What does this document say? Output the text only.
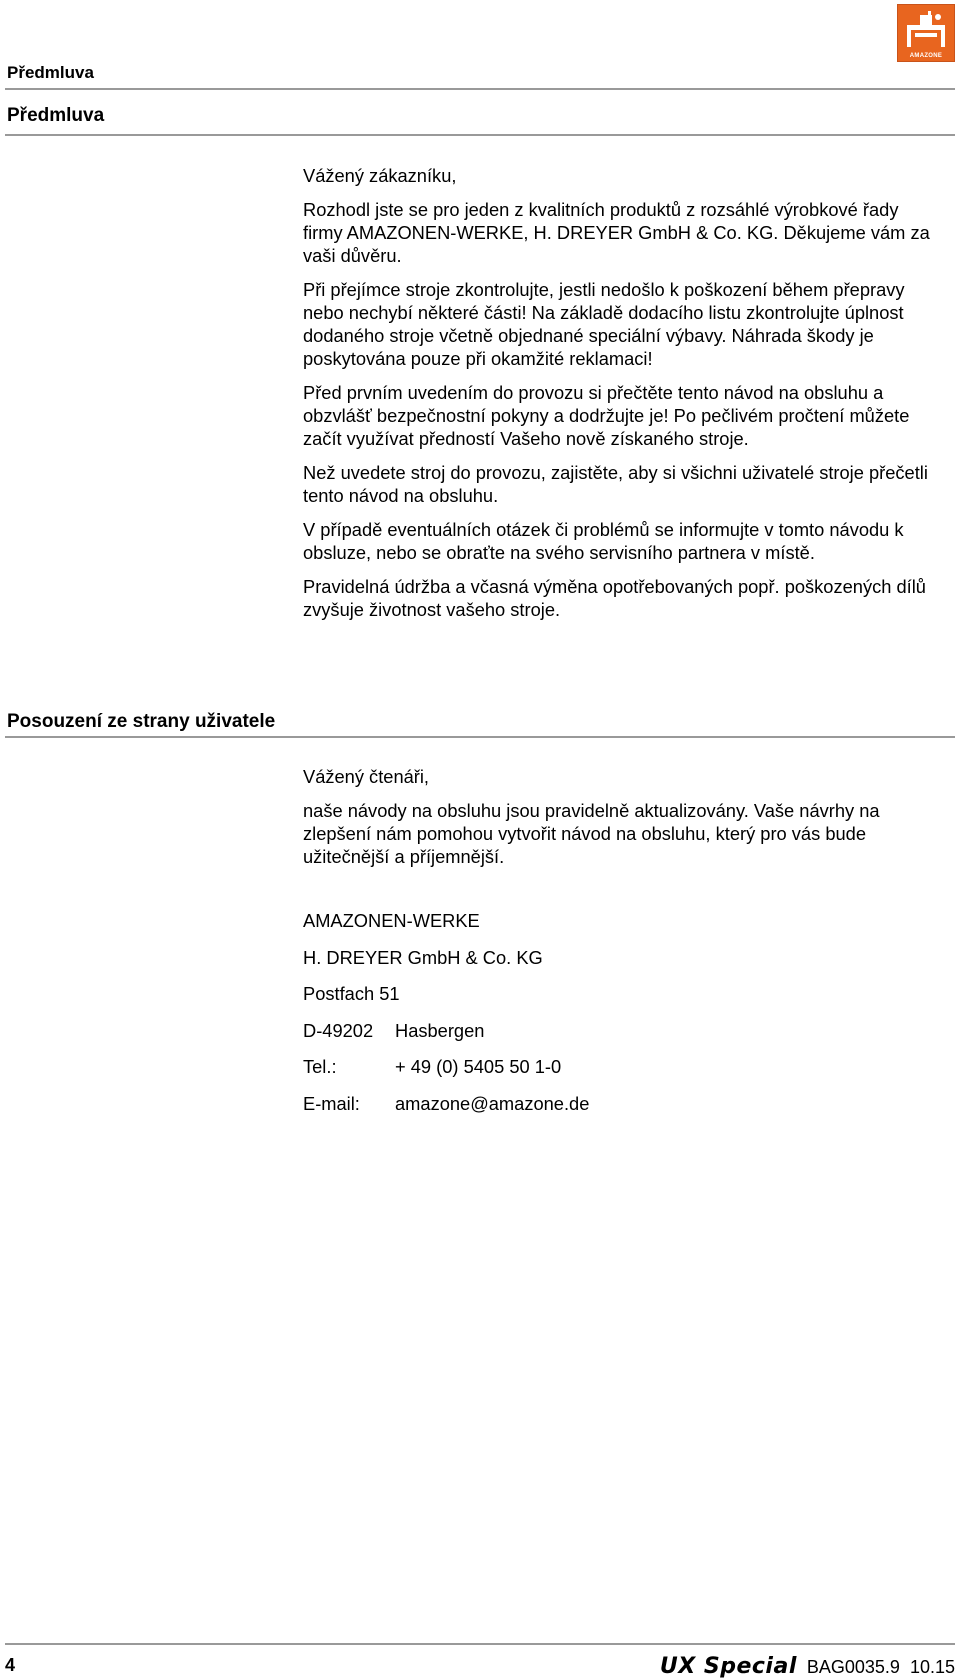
AMAZONE
Předmluva
Předmluva

Vážený zákazníku,

Rozhodl jste se pro jeden z kvalitních produktů z rozsáhlé výrobkové řady firmy AMAZONEN-WERKE, H. DREYER GmbH & Co. KG. Děkujeme vám za vaši důvěru.

Při přejímce stroje zkontrolujte, jestli nedošlo k poškození během přepravy nebo nechybí některé části! Na základě dodacího listu zkontrolujte úplnost dodaného stroje včetně objednané speciální výbavy. Náhrada škody je poskytována pouze při okamžité reklamaci!

Před prvním uvedením do provozu si přečtěte tento návod na obsluhu a obzvlášť bezpečnostní pokyny a dodržujte je! Po pečlivém pročtení můžete začít využívat předností Vašeho nově získaného stroje.

Než uvedete stroj do provozu, zajistěte, aby si všichni uživatelé stroje přečetli tento návod na obsluhu.

V případě eventuálních otázek či problémů se informujte v tomto návodu k obsluze, nebo se obraťte na svého servisního partnera v místě.

Pravidelná údržba a včasná výměna opotřebovaných popř. poškozených dílů zvyšuje životnost vašeho stroje.

Posouzení ze strany uživatele

Vážený čtenáři,

naše návody na obsluhu jsou pravidelně aktualizovány. Vaše návrhy na zlepšení nám pomohou vytvořit návod na obsluhu, který pro vás bude užitečnější a příjemnější.

AMAZONEN-WERKE
H. DREYER GmbH & Co. KG
Postfach 51
D-49202 Hasbergen
Tel.:	+ 49 (0) 5405 50 1-0
E-mail: amazone@amazone.de
4	UX Special BAG0035.9 10.15
